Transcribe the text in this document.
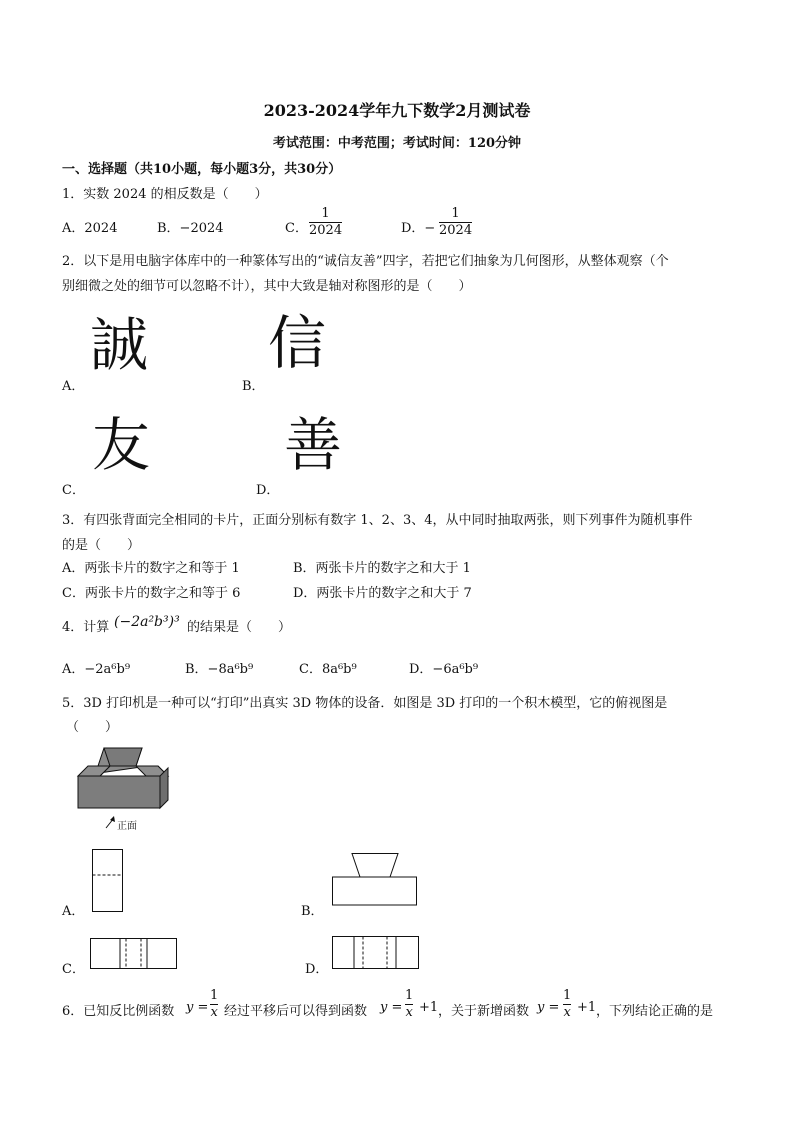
2023-2024学年九下数学2月测试卷
考试范围：中考范围；考试时间：120分钟
一、选择题（共10小题，每小题3分，共30分）
1．实数 2024 的相反数是（　　）
A．2024	B．−2024	C．
1
2024	D．−
1
2024
2．以下是用电脑字体库中的一种篆体写出的“诚信友善”四字，若把它们抽象为几何图形，从整体观察（个
别细微之处的细节可以忽略不计），其中大致是轴对称图形的是（　　）
誠
A．
信
B．
友
C．
善
D．
3．有四张背面完全相同的卡片，正面分别标有数字 1、2、3、4，从中同时抽取两张，则下列事件为随机事件
的是（　　）
A．两张卡片的数字之和等于 1	B．两张卡片的数字之和大于 1
C．两张卡片的数字之和等于 6	D．两张卡片的数字之和大于 7
4．计算 (−2a²b³)³ 的结果是（　　）
A．−2a⁶b⁹	B．−8a⁶b⁹	C．8a⁶b⁹	D．−6a⁶b⁹
5．3D 打印机是一种可以“打印”出真实 3D 物体的设备．如图是 3D 打印的一个积木模型，它的俯视图是
（　　）
正面
A．	B．
C．	D．
6．已知反比例函数 y =
1
x 经过平移后可以得到函数 y =
1
x +1 ，关于新增函数 y =
1
x +1 ，下列结论正确的是
